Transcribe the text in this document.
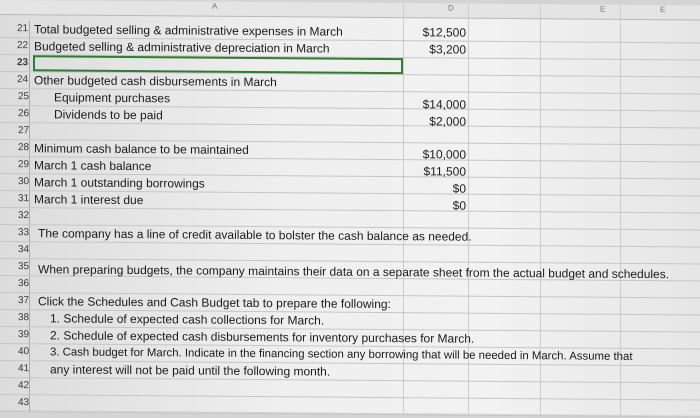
A	D	E	E
21 Total budgeted selling & administrative expenses in March	$12,500
22 Budgeted selling & administrative depreciation in March	$3,200
23
24 Other budgeted cash disbursements in March
25 Equipment purchases	$14,000
26 Dividends to be paid	$2,000
27
28 Minimum cash balance to be maintained	$10,000
29 March 1 cash balance	$11,500
30 March 1 outstanding borrowings	$0
31 March 1 interest due	$0
32
33 The company has a line of credit available to bolster the cash balance as needed.
34
35 When preparing budgets, the company maintains their data on a separate sheet from the actual budget and schedules.
36
37 Click the Schedules and Cash Budget tab to prepare the following:
38 1. Schedule of expected cash collections for March.
39 2. Schedule of expected cash disbursements for inventory purchases for March.
40 3. Cash budget for March. Indicate in the financing section any borrowing that will be needed in March. Assume that
41 any interest will not be paid until the following month.
42
43
